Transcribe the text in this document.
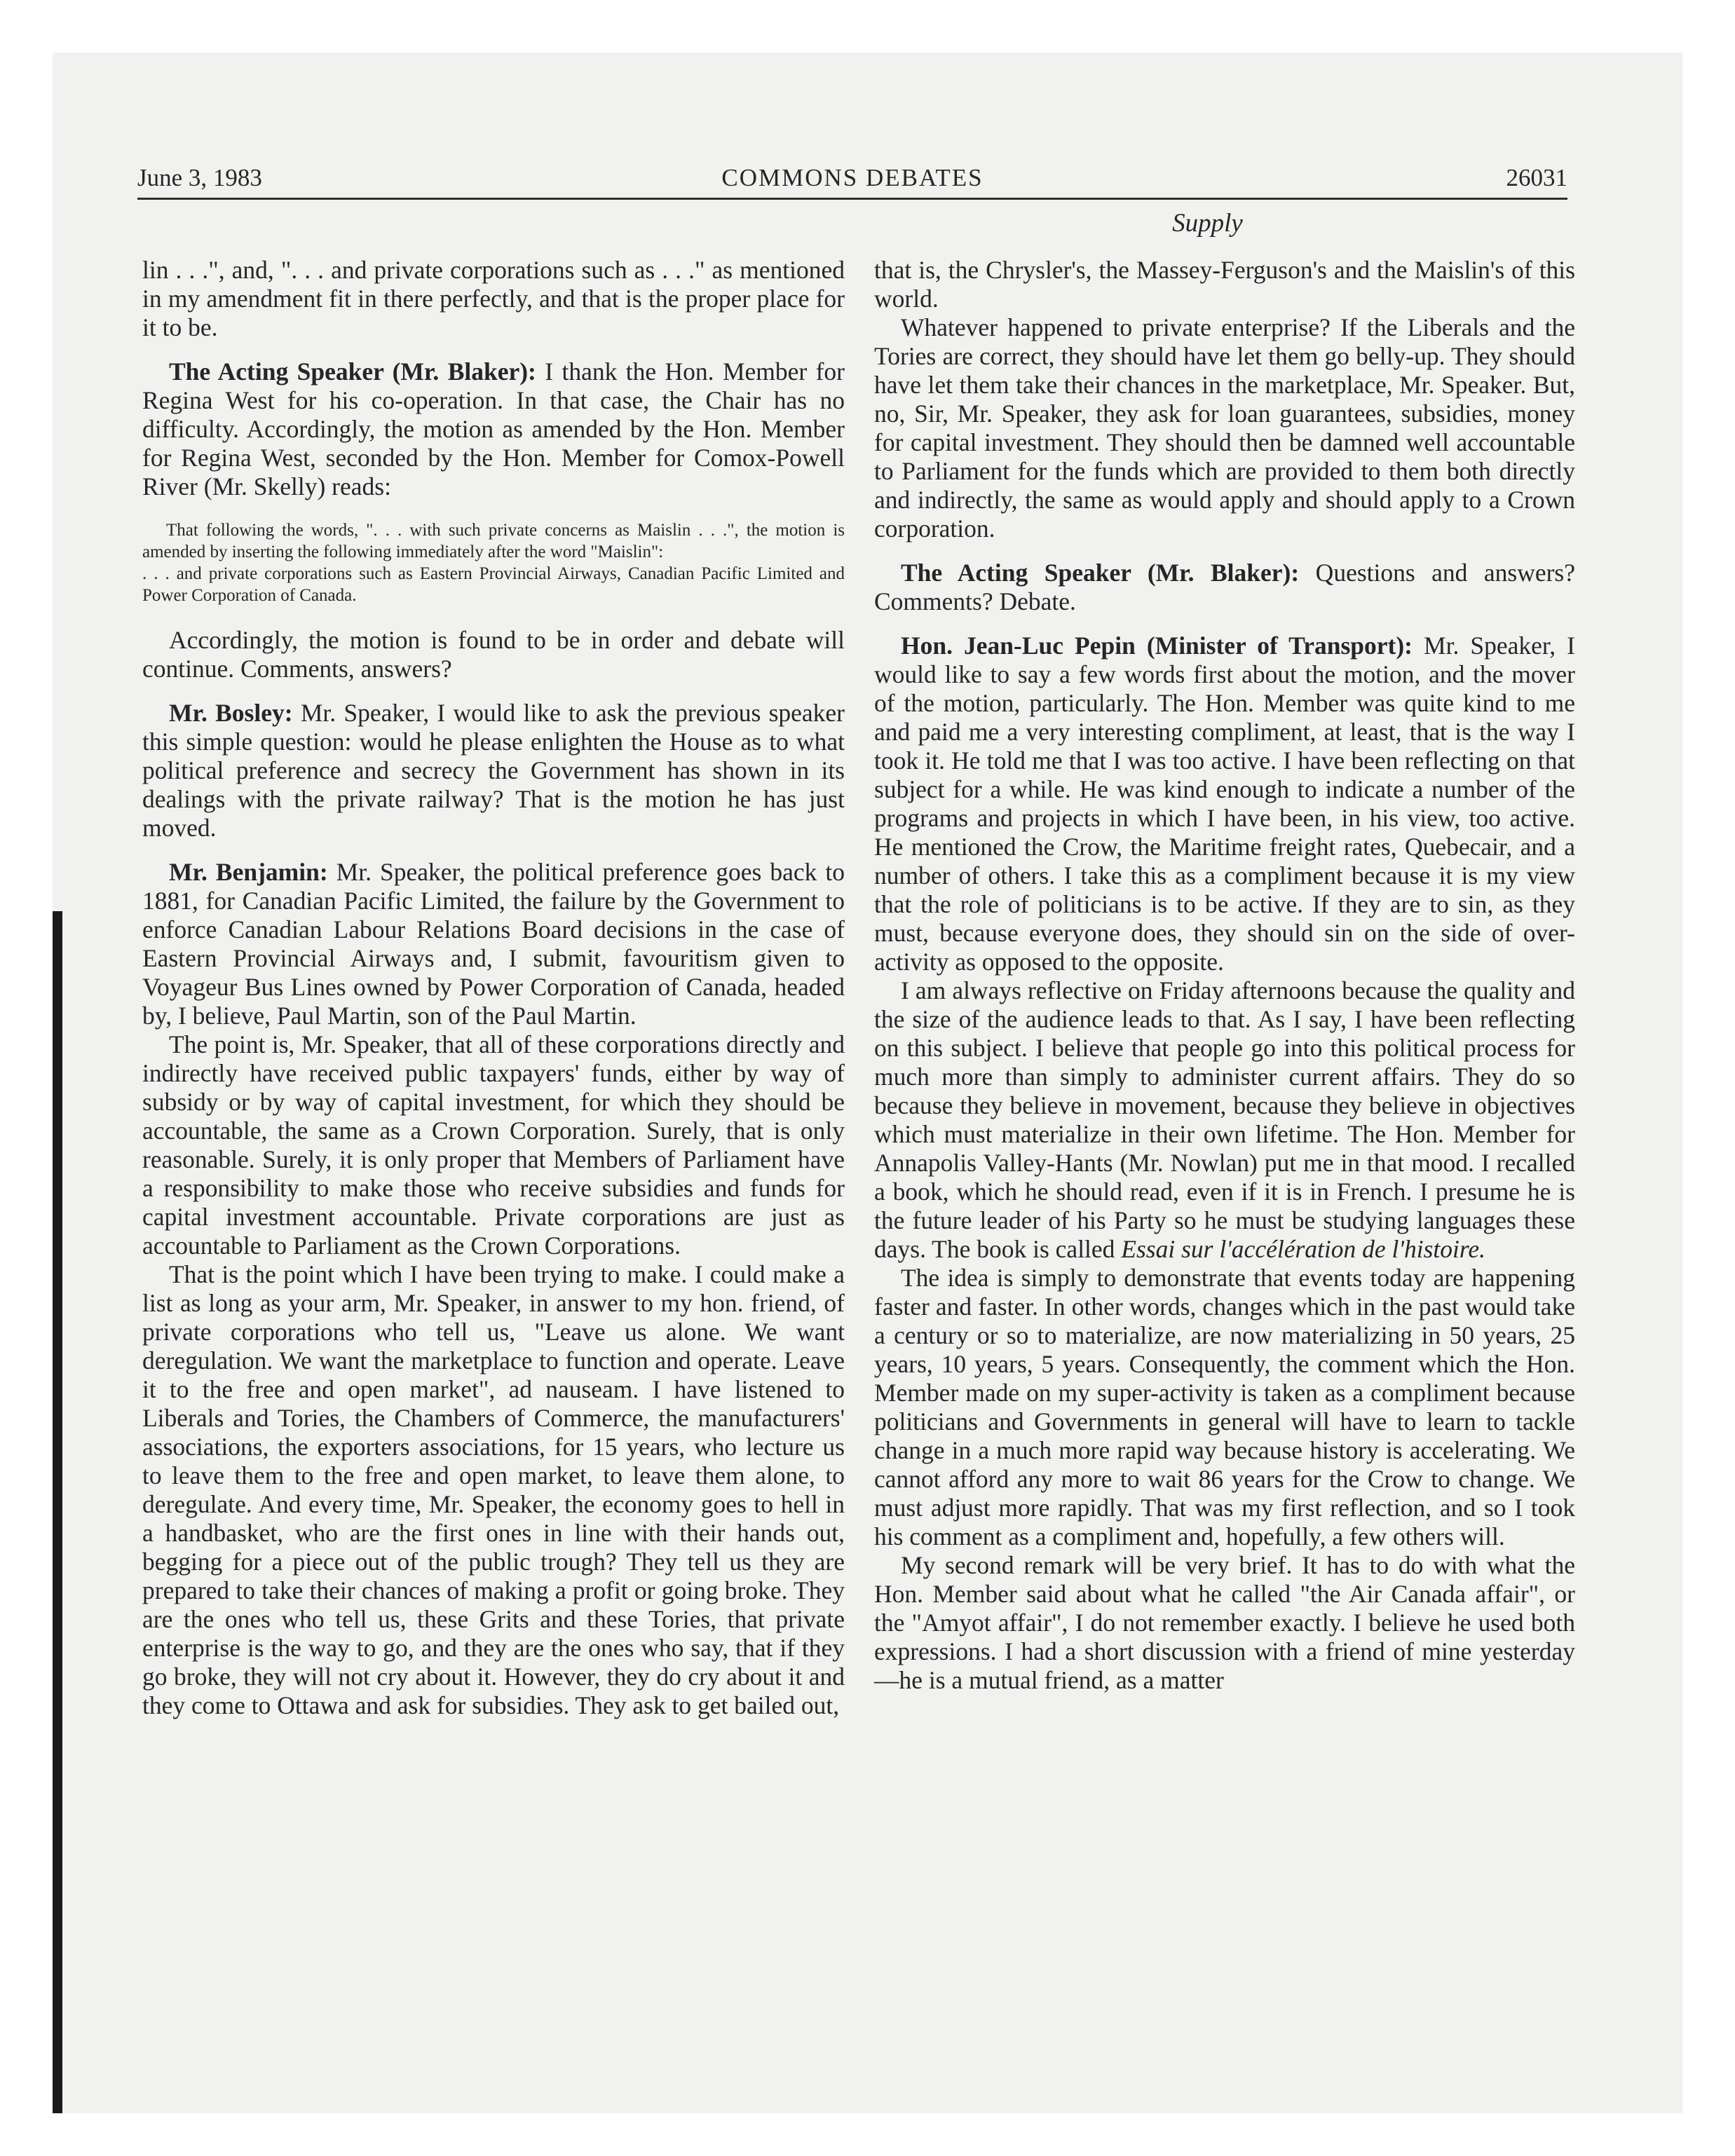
June 3, 1983	COMMONS DEBATES	26031
Supply

lin . . .", and, ". . . and private corporations such as . . ." as mentioned in my amendment fit in there perfectly, and that is the proper place for it to be.

The Acting Speaker (Mr. Blaker): I thank the Hon. Member for Regina West for his co-operation. In that case, the Chair has no difficulty. Accordingly, the motion as amended by the Hon. Member for Regina West, seconded by the Hon. Member for Comox-Powell River (Mr. Skelly) reads:

That following the words, ". . . with such private concerns as Maislin . . .", the motion is amended by inserting the following immediately after the word "Maislin":

. . . and private corporations such as Eastern Provincial Airways, Canadian Pacific Limited and Power Corporation of Canada.

Accordingly, the motion is found to be in order and debate will continue. Comments, answers?

Mr. Bosley: Mr. Speaker, I would like to ask the previous speaker this simple question: would he please enlighten the House as to what political preference and secrecy the Government has shown in its dealings with the private railway? That is the motion he has just moved.

Mr. Benjamin: Mr. Speaker, the political preference goes back to 1881, for Canadian Pacific Limited, the failure by the Government to enforce Canadian Labour Relations Board decisions in the case of Eastern Provincial Airways and, I submit, favouritism given to Voyageur Bus Lines owned by Power Corporation of Canada, headed by, I believe, Paul Martin, son of the Paul Martin.

The point is, Mr. Speaker, that all of these corporations directly and indirectly have received public taxpayers' funds, either by way of subsidy or by way of capital investment, for which they should be accountable, the same as a Crown Corporation. Surely, that is only reasonable. Surely, it is only proper that Members of Parliament have a responsibility to make those who receive subsidies and funds for capital investment accountable. Private corporations are just as accountable to Parliament as the Crown Corporations.

That is the point which I have been trying to make. I could make a list as long as your arm, Mr. Speaker, in answer to my hon. friend, of private corporations who tell us, "Leave us alone. We want deregulation. We want the marketplace to function and operate. Leave it to the free and open market", ad nauseam. I have listened to Liberals and Tories, the Chambers of Commerce, the manufacturers' associations, the exporters associations, for 15 years, who lecture us to leave them to the free and open market, to leave them alone, to deregulate. And every time, Mr. Speaker, the economy goes to hell in a handbasket, who are the first ones in line with their hands out, begging for a piece out of the public trough? They tell us they are prepared to take their chances of making a profit or going broke. They are the ones who tell us, these Grits and these Tories, that private enterprise is the way to go, and they are the ones who say, that if they go broke, they will not cry about it. However, they do cry about it and they come to Ottawa and ask for subsidies. They ask to get bailed out,

that is, the Chrysler's, the Massey-Ferguson's and the Maislin's of this world.

Whatever happened to private enterprise? If the Liberals and the Tories are correct, they should have let them go belly-up. They should have let them take their chances in the marketplace, Mr. Speaker. But, no, Sir, Mr. Speaker, they ask for loan guarantees, subsidies, money for capital investment. They should then be damned well accountable to Parliament for the funds which are provided to them both directly and indirectly, the same as would apply and should apply to a Crown corporation.

The Acting Speaker (Mr. Blaker): Questions and answers? Comments? Debate.

Hon. Jean-Luc Pepin (Minister of Transport): Mr. Speaker, I would like to say a few words first about the motion, and the mover of the motion, particularly. The Hon. Member was quite kind to me and paid me a very interesting compliment, at least, that is the way I took it. He told me that I was too active. I have been reflecting on that subject for a while. He was kind enough to indicate a number of the programs and projects in which I have been, in his view, too active. He mentioned the Crow, the Maritime freight rates, Quebecair, and a number of others. I take this as a compliment because it is my view that the role of politicians is to be active. If they are to sin, as they must, because everyone does, they should sin on the side of over-activity as opposed to the opposite.

I am always reflective on Friday afternoons because the quality and the size of the audience leads to that. As I say, I have been reflecting on this subject. I believe that people go into this political process for much more than simply to administer current affairs. They do so because they believe in movement, because they believe in objectives which must materialize in their own lifetime. The Hon. Member for Annapolis Valley-Hants (Mr. Nowlan) put me in that mood. I recalled a book, which he should read, even if it is in French. I presume he is the future leader of his Party so he must be studying languages these days. The book is called Essai sur l'accélération de l'histoire.

The idea is simply to demonstrate that events today are happening faster and faster. In other words, changes which in the past would take a century or so to materialize, are now materializing in 50 years, 25 years, 10 years, 5 years. Consequently, the comment which the Hon. Member made on my super-activity is taken as a compliment because politicians and Governments in general will have to learn to tackle change in a much more rapid way because history is accelerating. We cannot afford any more to wait 86 years for the Crow to change. We must adjust more rapidly. That was my first reflection, and so I took his comment as a compliment and, hopefully, a few others will.

My second remark will be very brief. It has to do with what the Hon. Member said about what he called "the Air Canada affair", or the "Amyot affair", I do not remember exactly. I believe he used both expressions. I had a short discussion with a friend of mine yesterday—he is a mutual friend, as a matter
